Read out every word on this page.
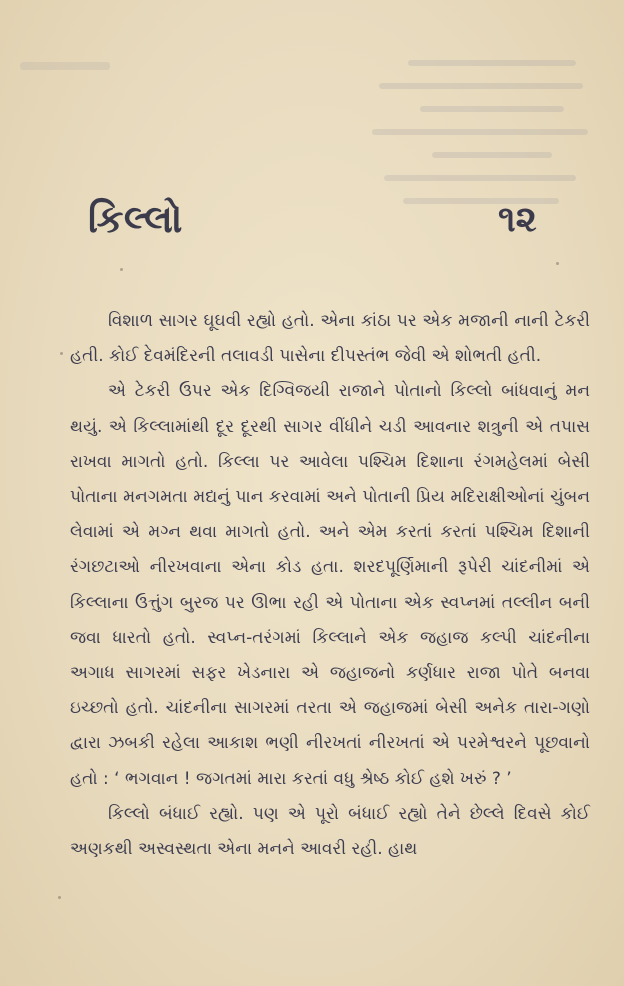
કિલ્લો	૧૨

વિશાળ સાગર ઘૂઘવી રહ્યો હતો. એના કાંઠા પર એક મજાની નાની ટેકરી હતી. કોઈ દેવમંદિરની તલાવડી પાસેના દીપસ્તંભ જેવી એ શોભતી હતી.

એ ટેકરી ઉપર એક દિગ્વિજયી રાજાને પોતાનો કિલ્લો બાંધવાનું મન થયું. એ કિલ્લામાંથી દૂર દૂરથી સાગર વીંધીને ચડી આવનાર શત્રુની એ તપાસ રાખવા માગતો હતો. કિલ્લા પર આવેલા પશ્ચિમ દિશાના રંગમહેલમાં બેસી પોતાના મનગમતા મદ્યનું પાન કરવામાં અને પોતાની પ્રિય મદિરાક્ષીઓનાં ચુંબન લેવામાં એ મગ્ન થવા માગતો હતો. અને એમ કરતાં કરતાં પશ્ચિમ દિશાની રંગછટાઓ નીરખવાના એના કોડ હતા. શરદપૂર્ણિમાની રૂપેરી ચાંદનીમાં એ કિલ્લાના ઉત્તુંગ બુરજ પર ઊભા રહી એ પોતાના એક સ્વપ્નમાં તલ્લીન બની જવા ધારતો હતો. સ્વપ્ન-તરંગમાં કિલ્લાને એક જહાજ કલ્પી ચાંદનીના અગાધ સાગરમાં સફર ખેડનારા એ જહાજનો કર્ણધાર રાજા પોતે બનવા ઇચ્છતો હતો. ચાંદનીના સાગરમાં તરતા એ જહાજમાં બેસી અનેક તારા-ગણો દ્વારા ઝબકી રહેલા આકાશ ભણી નીરખતાં નીરખતાં એ પરમેશ્વરને પૂછવાનો હતો : ‘ ભગવાન ! જગતમાં મારા કરતાં વધુ શ્રેષ્ઠ કોઈ હશે ખરું ? ’

કિલ્લો બંધાઈ રહ્યો. પણ એ પૂરો બંધાઈ રહ્યો તેને છેલ્લે દિવસે કોઈ અણકથી અસ્વસ્થતા એના મનને આવરી રહી. હાથ
